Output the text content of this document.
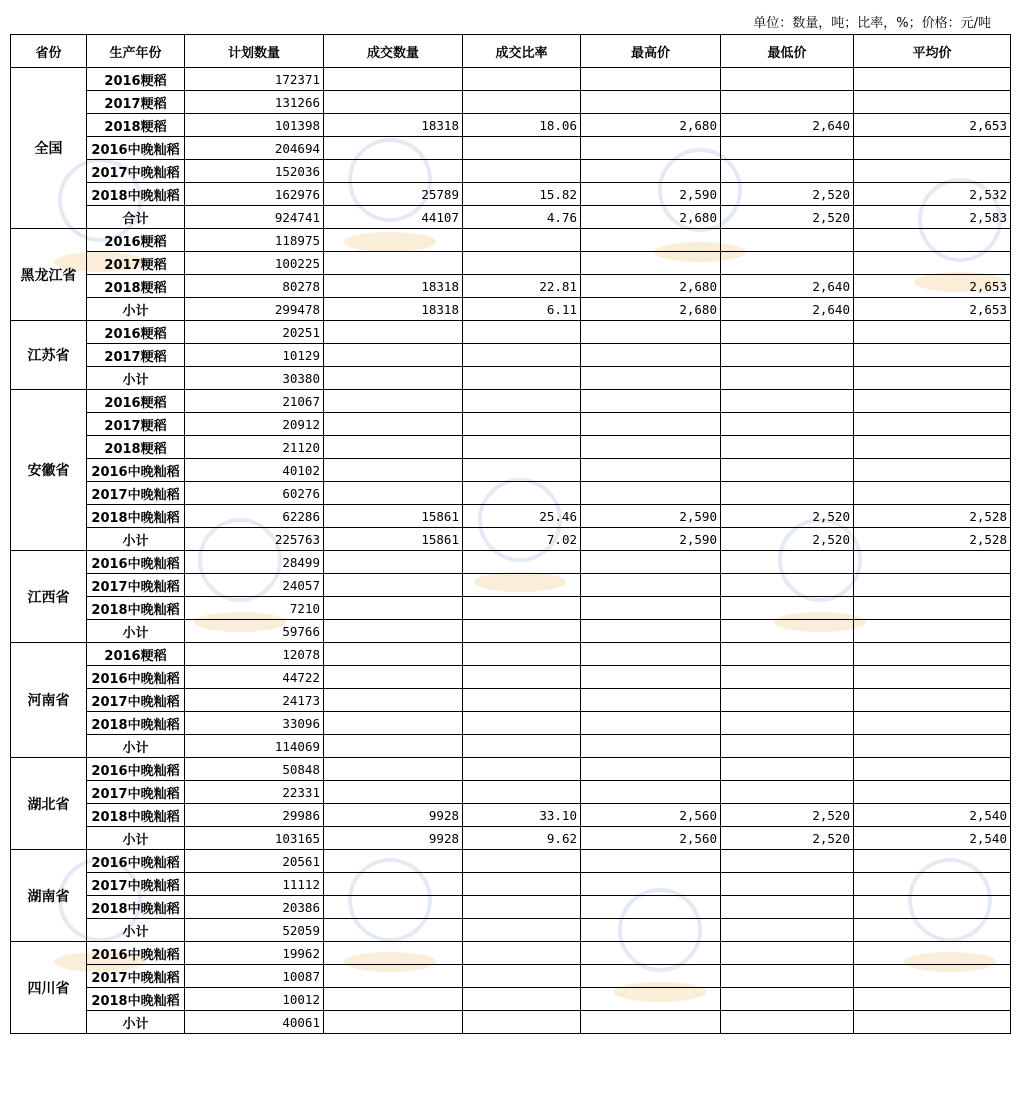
单位：数量，吨；比率，%；价格：元/吨
省份	生产年份	计划数量	成交数量	成交比率	最高价	最低价	平均价
全国	2016粳稻	172371					
	2017粳稻	131266					
	2018粳稻	101398	18318	18.06	2,680	2,640	2,653
	2016中晚籼稻	204694					
	2017中晚籼稻	152036					
	2018中晚籼稻	162976	25789	15.82	2,590	2,520	2,532
	合计	924741	44107	4.76	2,680	2,520	2,583
黑龙江省	2016粳稻	118975					
	2017粳稻	100225					
	2018粳稻	80278	18318	22.81	2,680	2,640	2,653
	小计	299478	18318	6.11	2,680	2,640	2,653
江苏省	2016粳稻	20251					
	2017粳稻	10129					
	小计	30380					
安徽省	2016粳稻	21067					
	2017粳稻	20912					
	2018粳稻	21120					
	2016中晚籼稻	40102					
	2017中晚籼稻	60276					
	2018中晚籼稻	62286	15861	25.46	2,590	2,520	2,528
	小计	225763	15861	7.02	2,590	2,520	2,528
江西省	2016中晚籼稻	28499					
	2017中晚籼稻	24057					
	2018中晚籼稻	7210					
	小计	59766					
河南省	2016粳稻	12078					
	2016中晚籼稻	44722					
	2017中晚籼稻	24173					
	2018中晚籼稻	33096					
	小计	114069					
湖北省	2016中晚籼稻	50848					
	2017中晚籼稻	22331					
	2018中晚籼稻	29986	9928	33.10	2,560	2,520	2,540
	小计	103165	9928	9.62	2,560	2,520	2,540
湖南省	2016中晚籼稻	20561					
	2017中晚籼稻	11112					
	2018中晚籼稻	20386					
	小计	52059					
四川省	2016中晚籼稻	19962					
	2017中晚籼稻	10087					
	2018中晚籼稻	10012					
	小计	40061					
